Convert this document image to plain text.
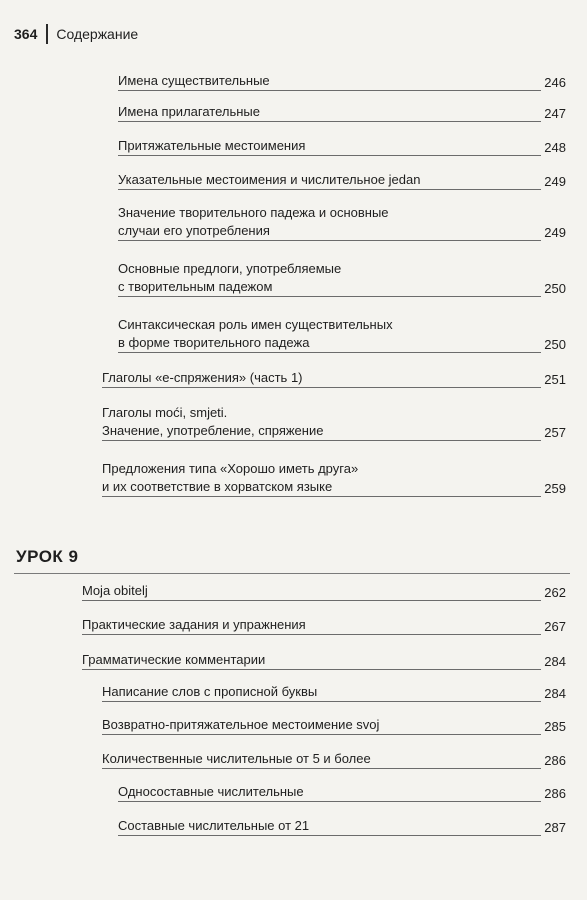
364	Содержание
Имена существительные	246
Имена прилагательные	247
Притяжательные местоимения	248
Указательные местоимения и числительное jedan	249
Значение творительного падежа и основные
случаи его употребления	249
Основные предлоги, употребляемые
с творительным падежом	250
Синтаксическая роль имен существительных
в форме творительного падежа	250
Глаголы «е-спряжения» (часть 1)	251
Глаголы moći, smjeti.
Значение, употребление, спряжение	257
Предложения типа «Хорошо иметь друга»
и их соответствие в хорватском языке	259
УРОК 9
Moja obitelj	262
Практические задания и упражнения	267
Грамматические комментарии	284
Написание слов с прописной буквы	284
Возвратно-притяжательное местоимение svoj	285
Количественные числительные от 5 и более	286
Односоставные числительные	286
Составные числительные от 21	287
